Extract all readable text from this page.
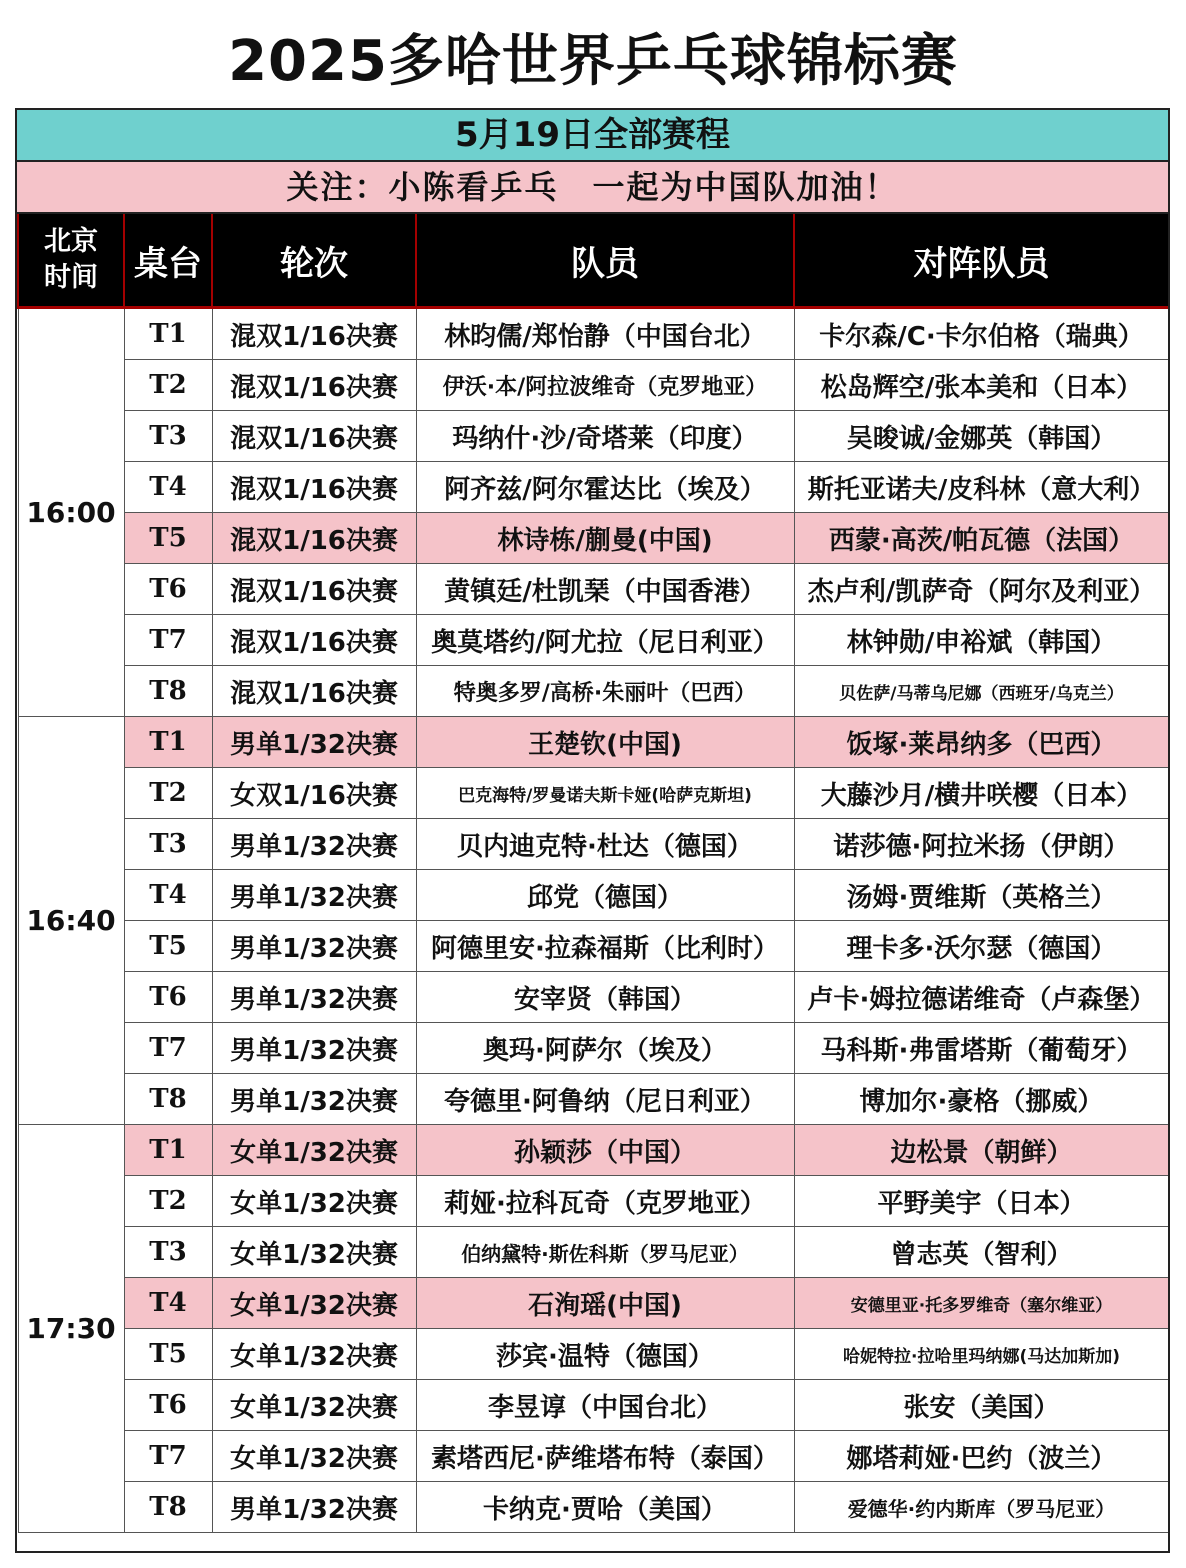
2025多哈世界乒乓球锦标赛
5月19日全部赛程
关注：小陈看乒乓　一起为中国队加油！
北京
时间	桌台	轮次	队员	对阵队员
16:00	T1	混双1/16决赛	林昀儒/郑怡静（中国台北）	卡尔森/C·卡尔伯格（瑞典）
	T2	混双1/16决赛	伊沃·本/阿拉波维奇（克罗地亚）	松岛辉空/张本美和（日本）
	T3	混双1/16决赛	玛纳什·沙/奇塔莱（印度）	吴晙诚/金娜英（韩国）
	T4	混双1/16决赛	阿齐兹/阿尔霍达比（埃及）	斯托亚诺夫/皮科林（意大利）
	T5	混双1/16决赛	林诗栋/蒯曼(中国)	西蒙·高茨/帕瓦德（法国）
	T6	混双1/16决赛	黄镇廷/杜凯琹（中国香港）	杰卢利/凯萨奇（阿尔及利亚）
	T7	混双1/16决赛	奥莫塔约/阿尤拉（尼日利亚）	林钟勋/申裕斌（韩国）
	T8	混双1/16决赛	特奥多罗/高桥·朱丽叶（巴西）	贝佐萨/马蒂乌尼娜（西班牙/乌克兰）
16:40	T1	男单1/32决赛	王楚钦(中国)	饭塚·莱昂纳多（巴西）
	T2	女双1/16决赛	巴克海特/罗曼诺夫斯卡娅(哈萨克斯坦)	大藤沙月/横井咲樱（日本）
	T3	男单1/32决赛	贝内迪克特·杜达（德国）	诺莎德·阿拉米扬（伊朗）
	T4	男单1/32决赛	邱党（德国）	汤姆·贾维斯（英格兰）
	T5	男单1/32决赛	阿德里安·拉森福斯（比利时）	理卡多·沃尔瑟（德国）
	T6	男单1/32决赛	安宰贤（韩国）	卢卡·姆拉德诺维奇（卢森堡）
	T7	男单1/32决赛	奥玛·阿萨尔（埃及）	马科斯·弗雷塔斯（葡萄牙）
	T8	男单1/32决赛	夸德里·阿鲁纳（尼日利亚）	博加尔·豪格（挪威）
17:30	T1	女单1/32决赛	孙颖莎（中国）	边松景（朝鲜）
	T2	女单1/32决赛	莉娅·拉科瓦奇（克罗地亚）	平野美宇（日本）
	T3	女单1/32决赛	伯纳黛特·斯佐科斯（罗马尼亚）	曾志英（智利）
	T4	女单1/32决赛	石洵瑶(中国)	安德里亚·托多罗维奇（塞尔维亚）
	T5	女单1/32决赛	莎宾·温特（德国）	哈妮特拉·拉哈里玛纳娜(马达加斯加)
	T6	女单1/32决赛	李昱谆（中国台北）	张安（美国）
	T7	女单1/32决赛	素塔西尼·萨维塔布特（泰国）	娜塔莉娅·巴约（波兰）
	T8	男单1/32决赛	卡纳克·贾哈（美国）	爱德华·约内斯库（罗马尼亚）
